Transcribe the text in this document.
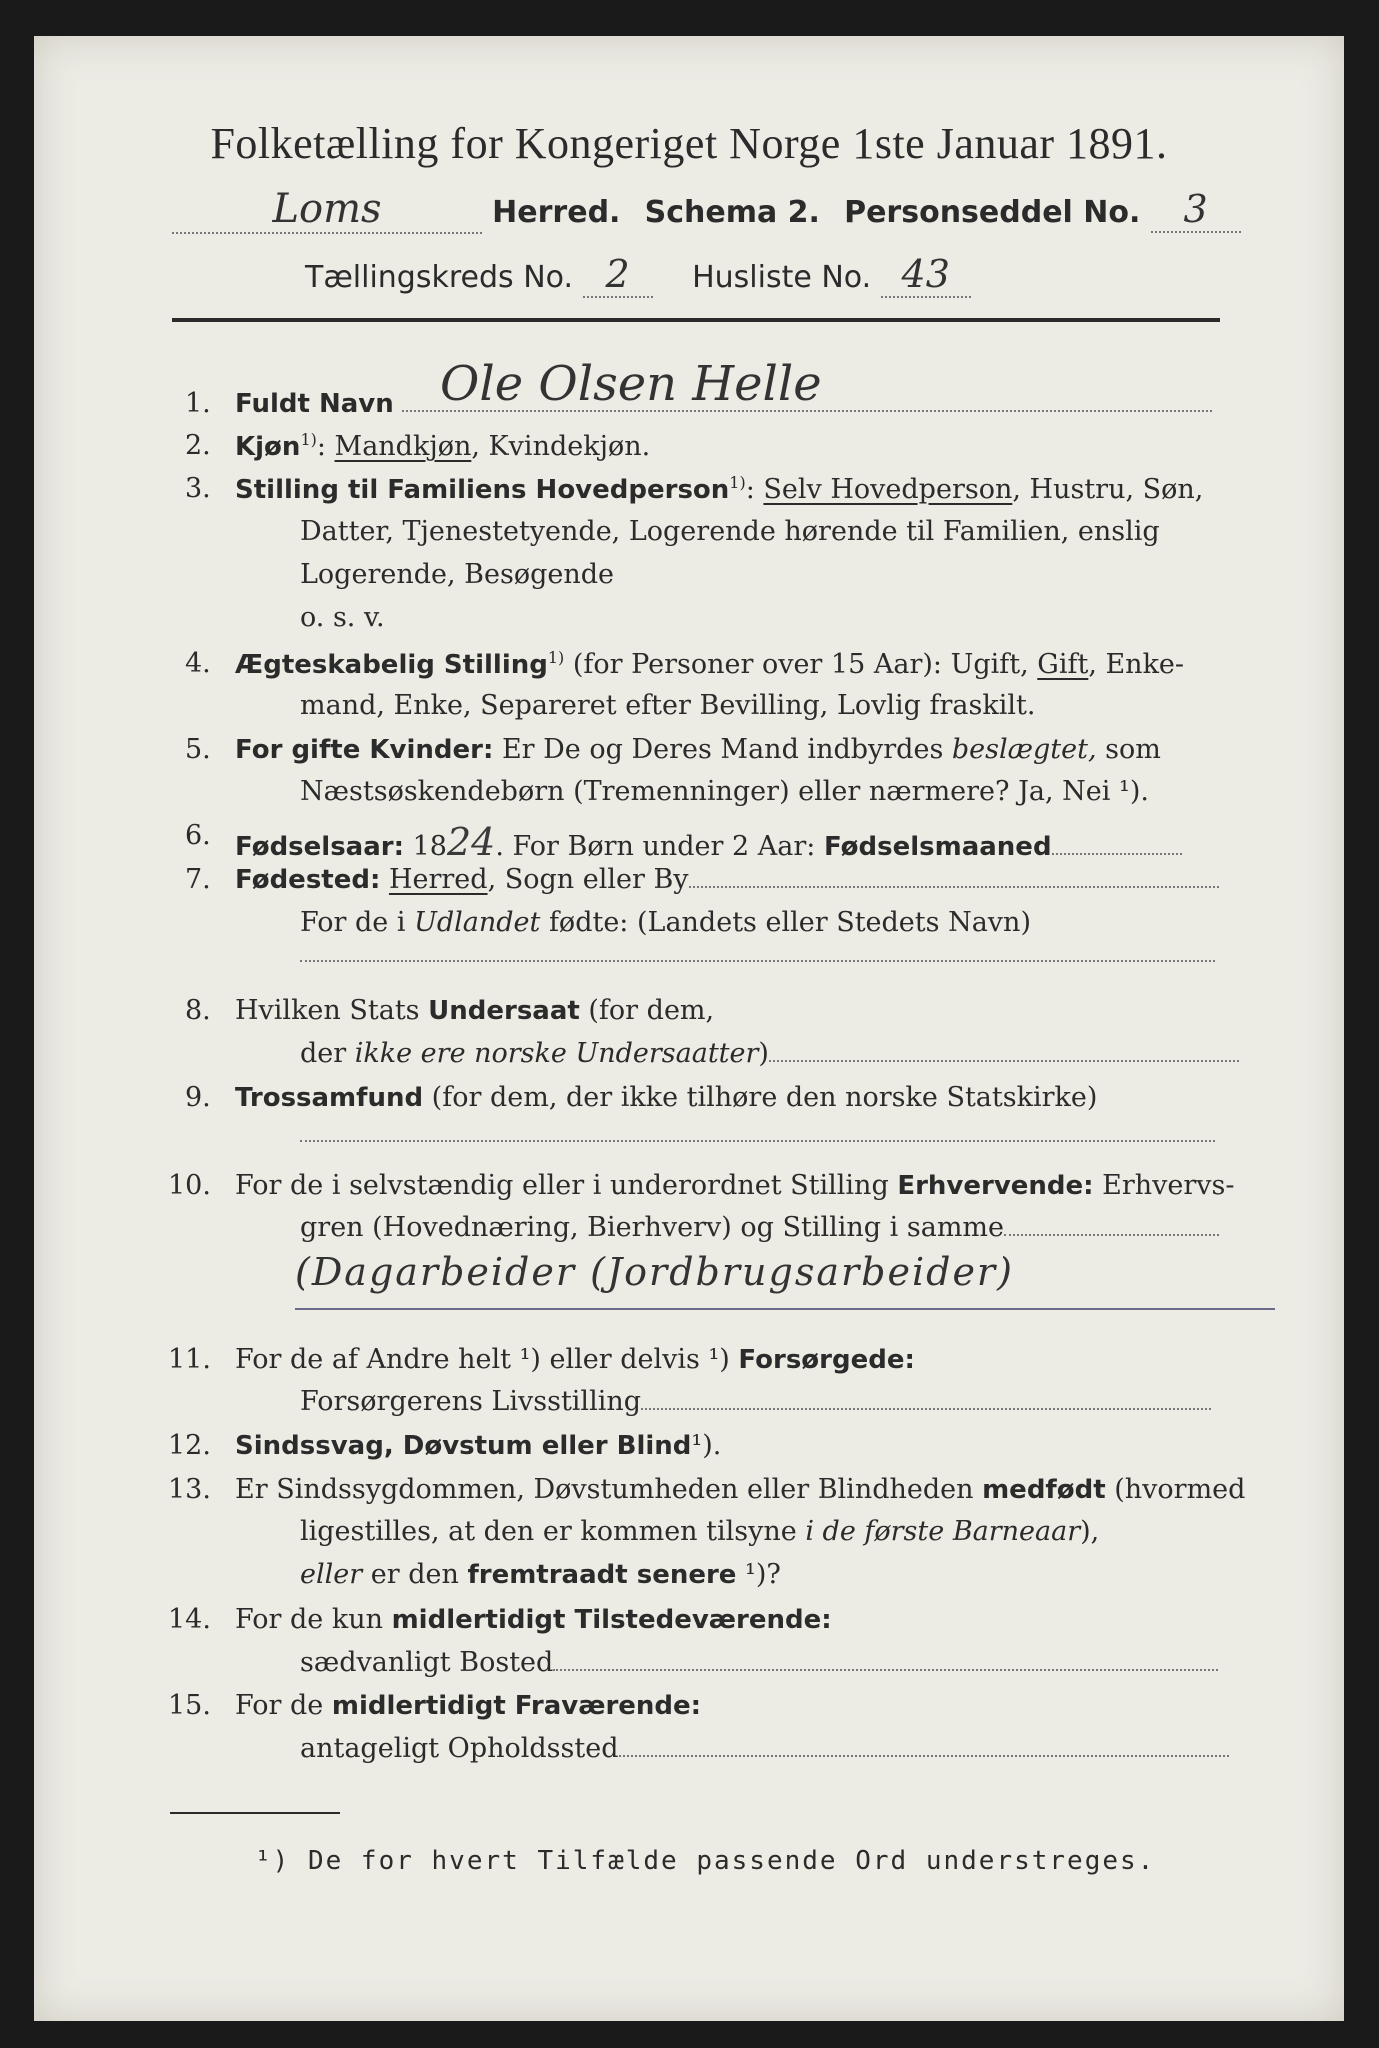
Folketælling for Kongeriget Norge 1ste Januar 1891.
Loms	Herred. Schema 2. Personseddel No. 3
Tællingskreds No. 2 Husliste No. 43
1. Fuldt Navn Ole Olsen Helle
2. Kjøn$^{1)}$: Mandkjøn, Kvindekjøn.
3. Stilling til Familiens Hovedperson$^{1)}$: Selv Hovedperson, Hustru, Søn,
Datter, Tjenestetyende, Logerende hørende til Familien, enslig
Logerende, Besøgende
o. s. v.
4. Ægteskabelig Stilling$^{1)}$ (for Personer over 15 Aar): Ugift, Gift, Enke-
mand, Enke, Separeret efter Bevilling, Lovlig fraskilt.
5. For gifte Kvinder: Er De og Deres Mand indbyrdes beslægtet, som
Næstsøskendebørn (Tremenninger) eller nærmere? Ja, Nei ¹).
6. Fødselsaar: 1824. For Børn under 2 Aar: Fødselsmaaned
7. Fødested: Herred, Sogn eller By
For de i Udlandet fødte: (Landets eller Stedets Navn)
8. Hvilken Stats Undersaat (for dem,
der ikke ere norske Undersaatter)
9. Trossamfund (for dem, der ikke tilhøre den norske Statskirke)
10. For de i selvstændig eller i underordnet Stilling Erhvervende: Erhvervs-
gren (Hovednæring, Bierhverv) og Stilling i samme
(Dagarbeider (Jordbrugsarbeider)
11. For de af Andre helt ¹) eller delvis ¹) Forsørgede:
Forsørgerens Livsstilling
12. Sindssvag, Døvstum eller Blind¹).
13. Er Sindssygdommen, Døvstumheden eller Blindheden medfødt (hvormed
ligestilles, at den er kommen tilsyne i de første Barneaar),
eller er den fremtraadt senere ¹)?
14. For de kun midlertidigt Tilstedeværende:
sædvanligt Bosted
15. For de midlertidigt Fraværende:
antageligt Opholdssted
¹) De for hvert Tilfælde passende Ord understreges.
